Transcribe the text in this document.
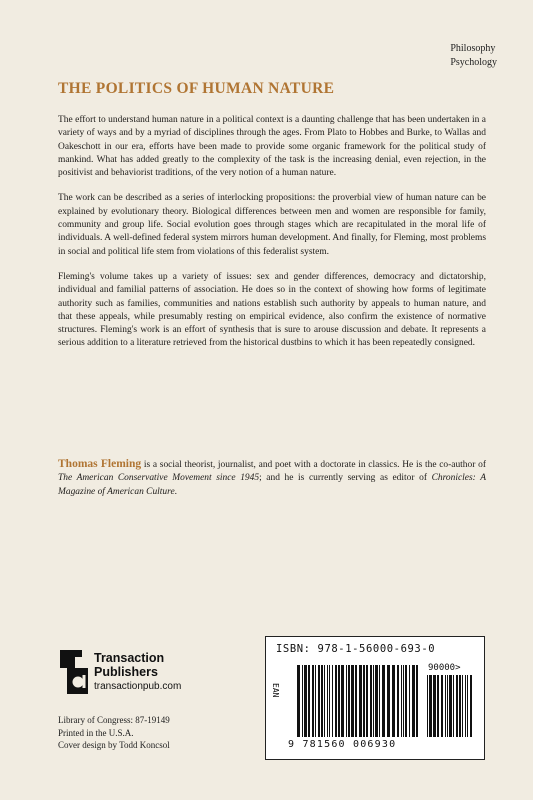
Philosophy
Psychology
THE POLITICS OF HUMAN NATURE

The effort to understand human nature in a political context is a daunting challenge that has been undertaken in a variety of ways and by a myriad of disciplines through the ages. From Plato to Hobbes and Burke, to Wallas and Oakeschott in our era, efforts have been made to provide some organic framework for the political study of mankind. What has added greatly to the complexity of the task is the increasing denial, even rejection, in the positivist and behaviorist traditions, of the very notion of a human nature.

The work can be described as a series of interlocking propositions: the proverbial view of human nature can be explained by evolutionary theory. Biological differences between men and women are responsible for family, community and group life. Social evolution goes through stages which are recapitulated in the moral life of individuals. A well-defined federal system mirrors human development. And finally, for Fleming, most problems in social and political life stem from violations of this federalist system.

Fleming's volume takes up a variety of issues: sex and gender differences, democracy and dictatorship, individual and familial patterns of association. He does so in the context of showing how forms of legitimate authority such as families, communities and nations establish such authority by appeals to human nature, and that these appeals, while presumably resting on empirical evidence, also confirm the existence of normative structures. Fleming's work is an effort of synthesis that is sure to arouse discussion and debate. It represents a serious addition to a literature retrieved from the historical dustbins to which it has been repeatedly consigned.

Thomas Fleming is a social theorist, journalist, and poet with a doctorate in classics. He is the co-author of The American Conservative Movement since 1945; and he is currently serving as editor of Chronicles: A Magazine of American Culture.
Transaction
Publishers
transactionpub.com
Library of Congress: 87-19149
Printed in the U.S.A.
Cover design by Todd Koncsol
ISBN: 978-1-56000-693-0
EAN
90000>
9 781560 006930
